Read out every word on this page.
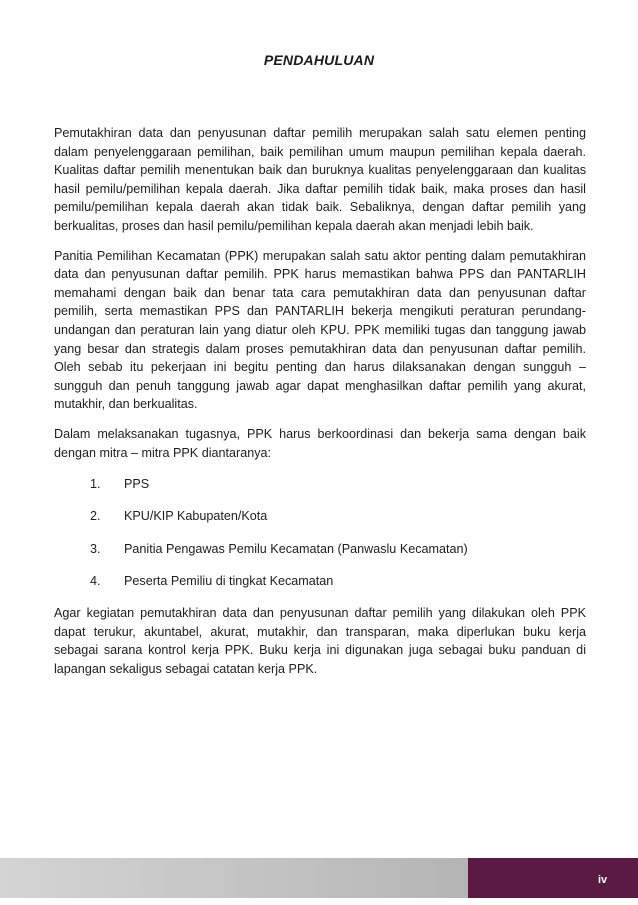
PENDAHULUAN

Pemutakhiran data dan penyusunan daftar pemilih merupakan salah satu elemen penting dalam penyelenggaraan pemilihan, baik pemilihan umum maupun pemilihan kepala daerah. Kualitas daftar pemilih menentukan baik dan buruknya kualitas penyelenggaraan dan kualitas hasil pemilu/pemilihan kepala daerah. Jika daftar pemilih tidak baik, maka proses dan hasil pemilu/pemilihan kepala daerah akan tidak baik. Sebaliknya, dengan daftar pemilih yang berkualitas, proses dan hasil pemilu/pemilihan kepala daerah akan menjadi lebih baik.

Panitia Pemilihan Kecamatan (PPK) merupakan salah satu aktor penting dalam pemutakhiran data dan penyusunan daftar pemilih. PPK harus memastikan bahwa PPS dan PANTARLIH memahami dengan baik dan benar tata cara pemutakhiran data dan penyusunan daftar pemilih, serta memastikan PPS dan PANTARLIH bekerja mengikuti peraturan perundang-undangan dan peraturan lain yang diatur oleh KPU. PPK memiliki tugas dan tanggung jawab yang besar dan strategis dalam proses pemutakhiran data dan penyusunan daftar pemilih. Oleh sebab itu pekerjaan ini begitu penting dan harus dilaksanakan dengan sungguh – sungguh dan penuh tanggung jawab agar dapat menghasilkan daftar pemilih yang akurat, mutakhir, dan berkualitas.

Dalam melaksanakan tugasnya, PPK harus berkoordinasi dan bekerja sama dengan baik dengan mitra – mitra PPK diantaranya:

1.	PPS
2.	KPU/KIP Kabupaten/Kota
3.	Panitia Pengawas Pemilu Kecamatan (Panwaslu Kecamatan)
4.	Peserta Pemiliu di tingkat Kecamatan

Agar kegiatan pemutakhiran data dan penyusunan daftar pemilih yang dilakukan oleh PPK dapat terukur, akuntabel, akurat, mutakhir, dan transparan, maka diperlukan buku kerja sebagai sarana kontrol kerja PPK. Buku kerja ini digunakan juga sebagai buku panduan di lapangan sekaligus sebagai catatan kerja PPK.

iv
